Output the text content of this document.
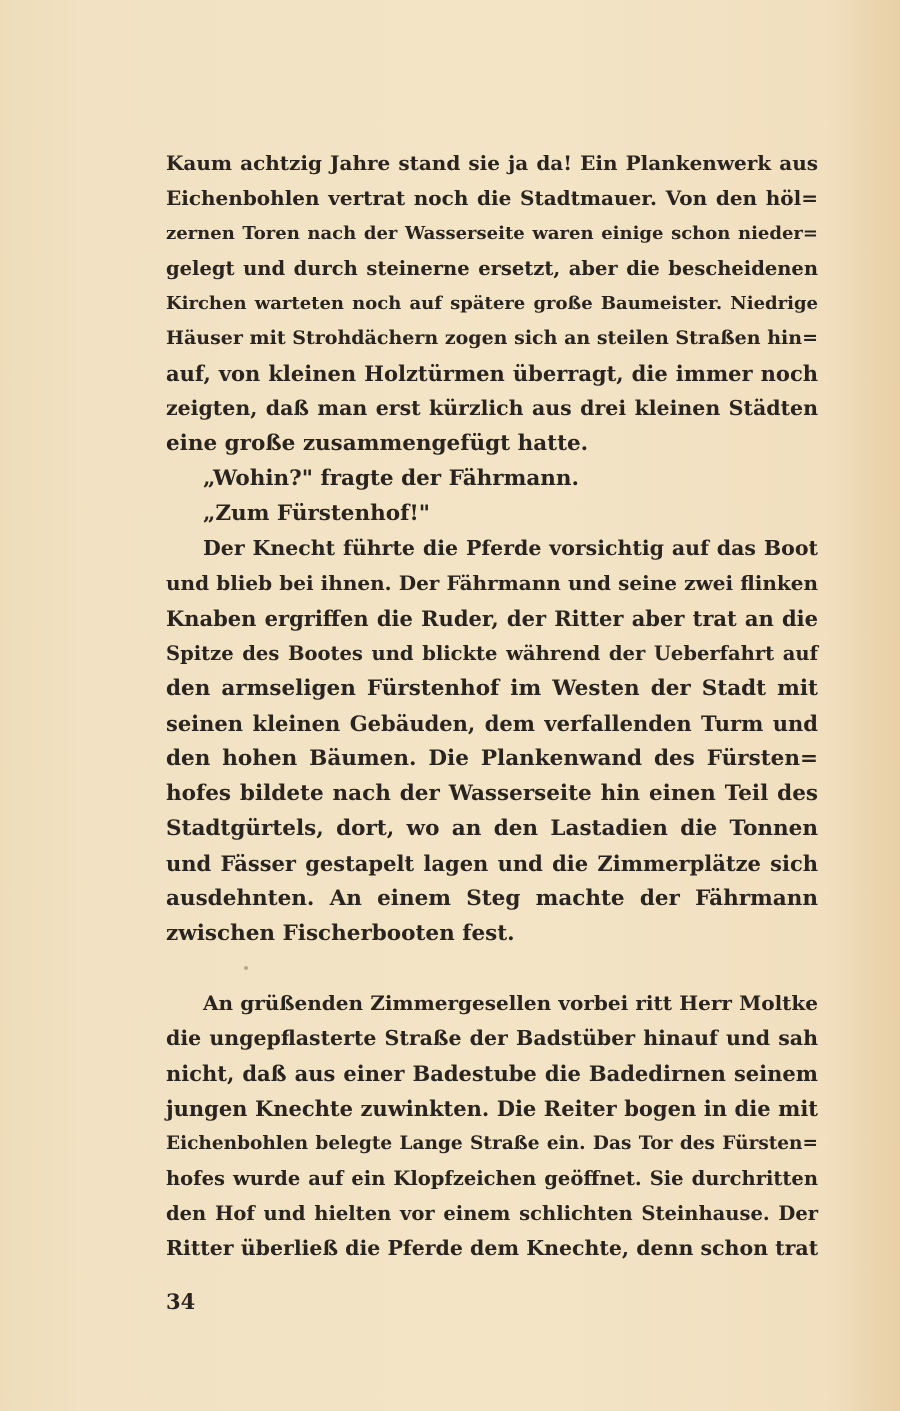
Kaum achtzig Jahre stand sie ja da! Ein Plankenwerk aus
Eichenbohlen vertrat noch die Stadtmauer. Von den höl=
zernen Toren nach der Wasserseite waren einige schon nieder=
gelegt und durch steinerne ersetzt, aber die bescheidenen
Kirchen warteten noch auf spätere große Baumeister. Niedrige
Häuser mit Strohdächern zogen sich an steilen Straßen hin=
auf, von kleinen Holztürmen überragt, die immer noch
zeigten, daß man erst kürzlich aus drei kleinen Städten
eine große zusammengefügt hatte.
„Wohin?" fragte der Fährmann.
„Zum Fürstenhof!"
Der Knecht führte die Pferde vorsichtig auf das Boot
und blieb bei ihnen. Der Fährmann und seine zwei flinken
Knaben ergriffen die Ruder, der Ritter aber trat an die
Spitze des Bootes und blickte während der Ueberfahrt auf
den armseligen Fürstenhof im Westen der Stadt mit
seinen kleinen Gebäuden, dem verfallenden Turm und
den hohen Bäumen. Die Plankenwand des Fürsten=
hofes bildete nach der Wasserseite hin einen Teil des
Stadtgürtels, dort, wo an den Lastadien die Tonnen
und Fässer gestapelt lagen und die Zimmerplätze sich
ausdehnten. An einem Steg machte der Fährmann
zwischen Fischerbooten fest.
An grüßenden Zimmergesellen vorbei ritt Herr Moltke
die ungepflasterte Straße der Badstüber hinauf und sah
nicht, daß aus einer Badestube die Badedirnen seinem
jungen Knechte zuwinkten. Die Reiter bogen in die mit
Eichenbohlen belegte Lange Straße ein. Das Tor des Fürsten=
hofes wurde auf ein Klopfzeichen geöffnet. Sie durchritten
den Hof und hielten vor einem schlichten Steinhause. Der
Ritter überließ die Pferde dem Knechte, denn schon trat
34
